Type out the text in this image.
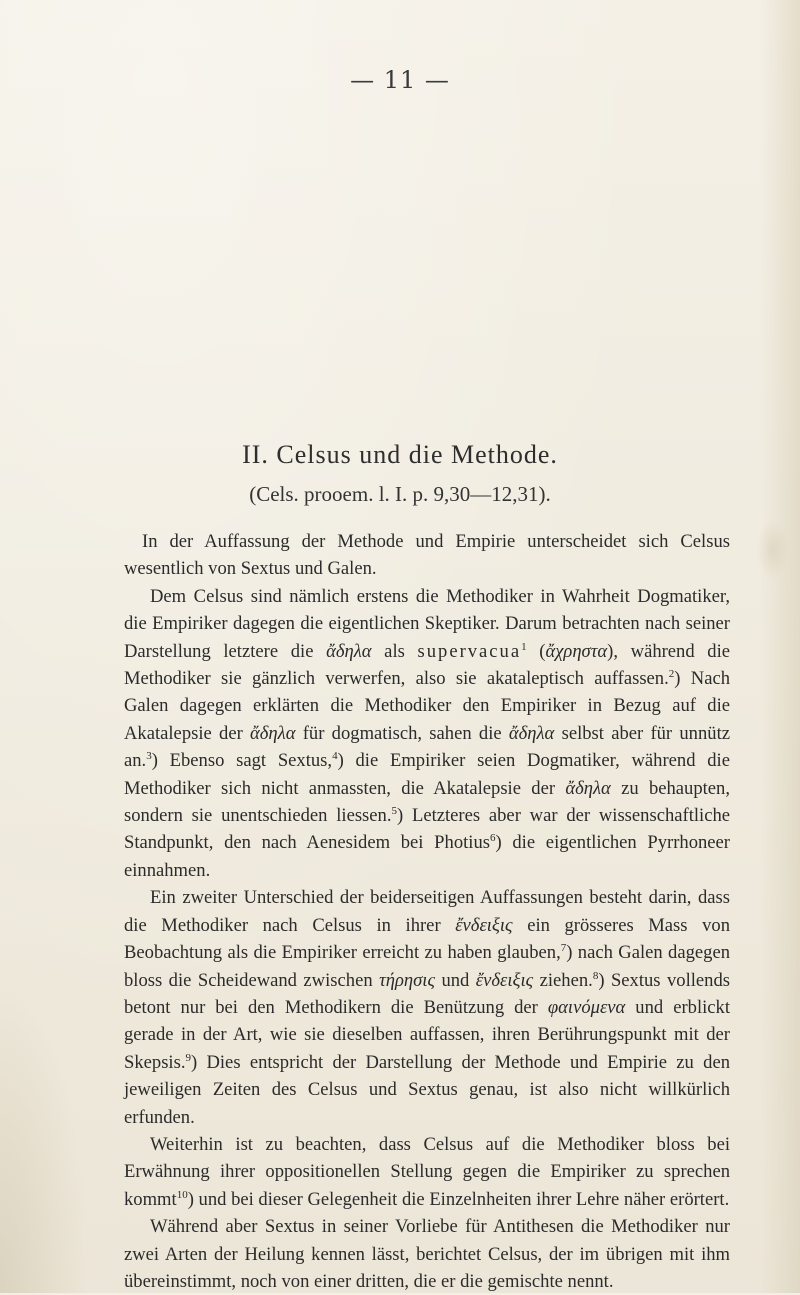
— 11 —
II. Celsus und die Methode.
(Cels. prooem. l. I. p. 9,30—12,31).

In der Auffassung der Methode und Empirie unterscheidet sich Celsus wesentlich von Sextus und Galen.

Dem Celsus sind nämlich erstens die Methodiker in Wahrheit Dogmatiker, die Empiriker dagegen die eigentlichen Skeptiker. Darum betrachten nach seiner Darstellung letztere die ἄδηλα als supervacua$^1$ (ἄχρηστα), während die Methodiker sie gänzlich verwerfen, also sie akataleptisch auffassen.$^2$) Nach Galen dagegen erklärten die Methodiker den Empiriker in Bezug auf die Akatalepsie der ἄδηλα für dogmatisch, sahen die ἄδηλα selbst aber für unnütz an.$^3$) Ebenso sagt Sextus,$^4$) die Empiriker seien Dogmatiker, während die Methodiker sich nicht anmassten, die Akatalepsie der ἄδηλα zu behaupten, sondern sie unentschieden liessen.$^5$) Letzteres aber war der wissenschaftliche Standpunkt, den nach Aenesidem bei Photius$^6$) die eigentlichen Pyrrhoneer einnahmen.

Ein zweiter Unterschied der beiderseitigen Auffassungen besteht darin, dass die Methodiker nach Celsus in ihrer ἔνδειξις ein grösseres Mass von Beobachtung als die Empiriker erreicht zu haben glauben,$^7$) nach Galen dagegen bloss die Scheidewand zwischen τήρησις und ἔνδειξις ziehen.$^8$) Sextus vollends betont nur bei den Methodikern die Benützung der φαινόμενα und erblickt gerade in der Art, wie sie dieselben auffassen, ihren Berührungspunkt mit der Skepsis.$^9$) Dies entspricht der Darstellung der Methode und Empirie zu den jeweiligen Zeiten des Celsus und Sextus genau, ist also nicht willkürlich erfunden.

Weiterhin ist zu beachten, dass Celsus auf die Methodiker bloss bei Erwähnung ihrer oppositionellen Stellung gegen die Empiriker zu sprechen kommt$^{10}$) und bei dieser Gelegenheit die Einzelnheiten ihrer Lehre näher erörtert.

Während aber Sextus in seiner Vorliebe für Antithesen die Methodiker nur zwei Arten der Heilung kennen lässt, berichtet Celsus, der im übrigen mit ihm übereinstimmt, noch von einer dritten, die er die gemischte nennt.
